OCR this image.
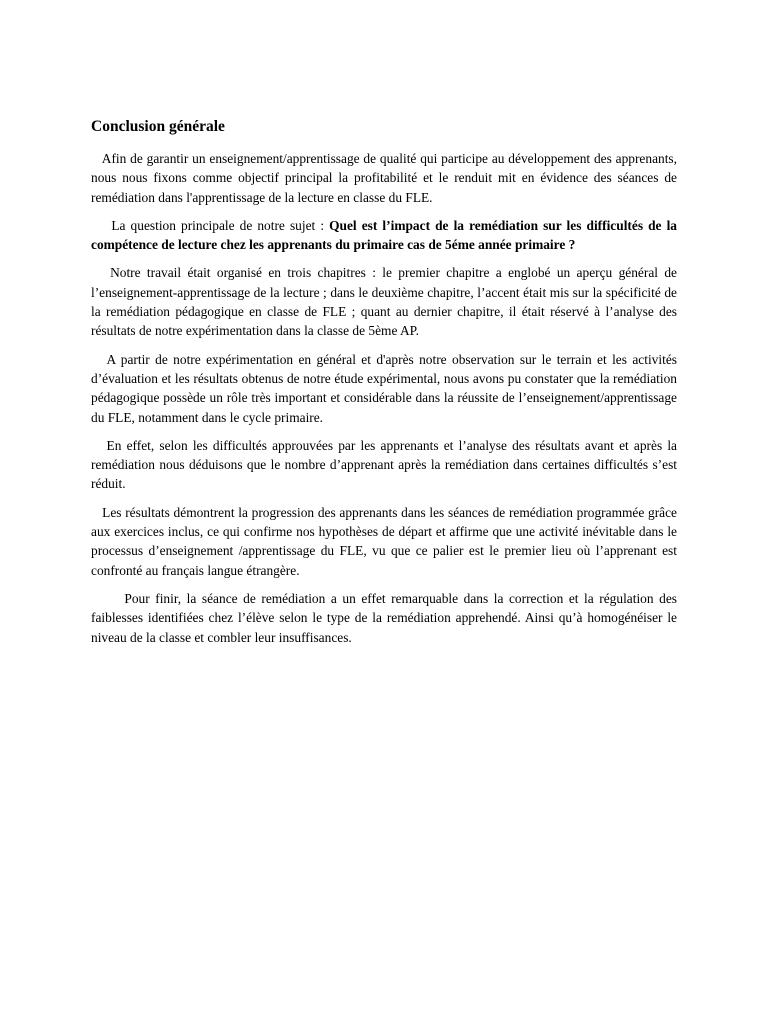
Conclusion générale

Afin de garantir un enseignement/apprentissage de qualité qui participe au développement des apprenants, nous nous fixons comme objectif principal la profitabilité et le renduit mit en évidence des séances de remédiation dans l'apprentissage de la lecture en classe du FLE.

La question principale de notre sujet : Quel est l’impact de la remédiation sur les difficultés de la compétence de lecture chez les apprenants du primaire cas de 5éme année primaire ?

Notre travail était organisé en trois chapitres : le premier chapitre a englobé un aperçu général de l’enseignement-apprentissage de la lecture ; dans le deuxième chapitre, l’accent était mis sur la spécificité de la remédiation pédagogique en classe de FLE ; quant au dernier chapitre, il était réservé à l’analyse des résultats de notre expérimentation dans la classe de 5ème AP.

A partir de notre expérimentation en général et d'après notre observation sur le terrain et les activités d’évaluation et les résultats obtenus de notre étude expérimental, nous avons pu constater que la remédiation pédagogique possède un rôle très important et considérable dans la réussite de l’enseignement/apprentissage du FLE, notamment dans le cycle primaire.

En effet, selon les difficultés approuvées par les apprenants et l’analyse des résultats avant et après la remédiation nous déduisons que le nombre d’apprenant après la remédiation dans certaines difficultés s’est réduit.

Les résultats démontrent la progression des apprenants dans les séances de remédiation programmée grâce aux exercices inclus, ce qui confirme nos hypothèses de départ et affirme que une activité inévitable dans le processus d’enseignement /apprentissage du FLE, vu que ce palier est le premier lieu où l’apprenant est confronté au français langue étrangère.

Pour finir, la séance de remédiation a un effet remarquable dans la correction et la régulation des faiblesses identifiées chez l’élève selon le type de la remédiation apprehendé. Ainsi qu’à homogénéiser le niveau de la classe et combler leur insuffisances.
